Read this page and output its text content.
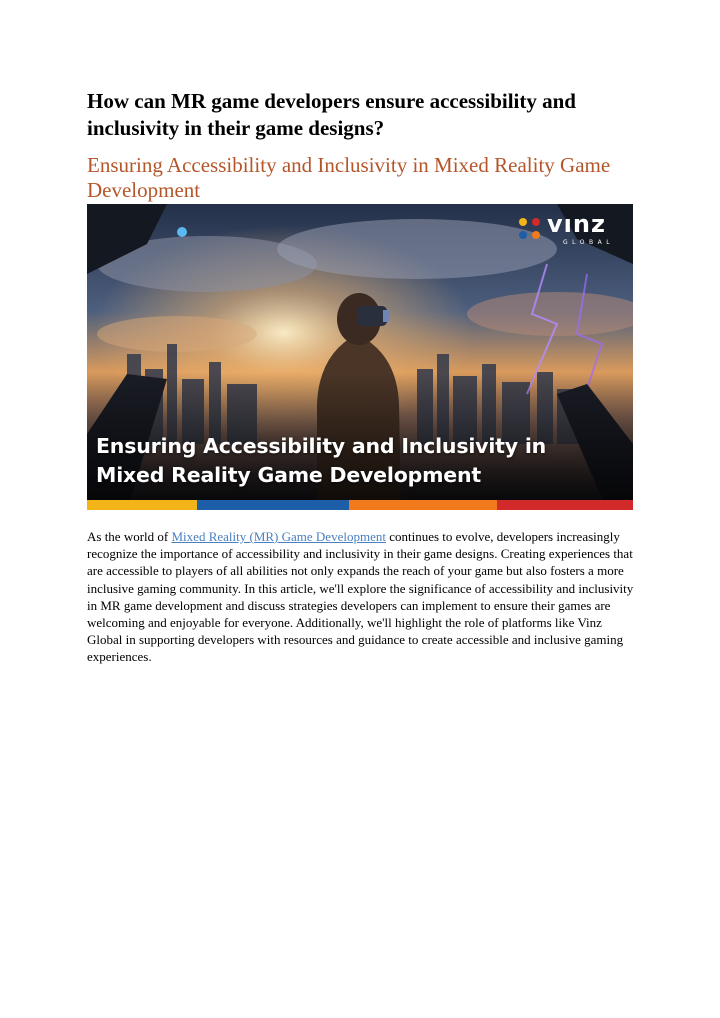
How can MR game developers ensure accessibility and inclusivity in their game designs?
Ensuring Accessibility and Inclusivity in Mixed Reality Game Development
vınz
GLOBAL
Ensuring Accessibility and Inclusivity in
Mixed Reality Game Development

As the world of Mixed Reality (MR) Game Development continues to evolve, developers increasingly recognize the importance of accessibility and inclusivity in their game designs. Creating experiences that are accessible to players of all abilities not only expands the reach of your game but also fosters a more inclusive gaming community. In this article, we'll explore the significance of accessibility and inclusivity in MR game development and discuss strategies developers can implement to ensure their games are welcoming and enjoyable for everyone. Additionally, we'll highlight the role of platforms like Vinz Global in supporting developers with resources and guidance to create accessible and inclusive gaming experiences.
